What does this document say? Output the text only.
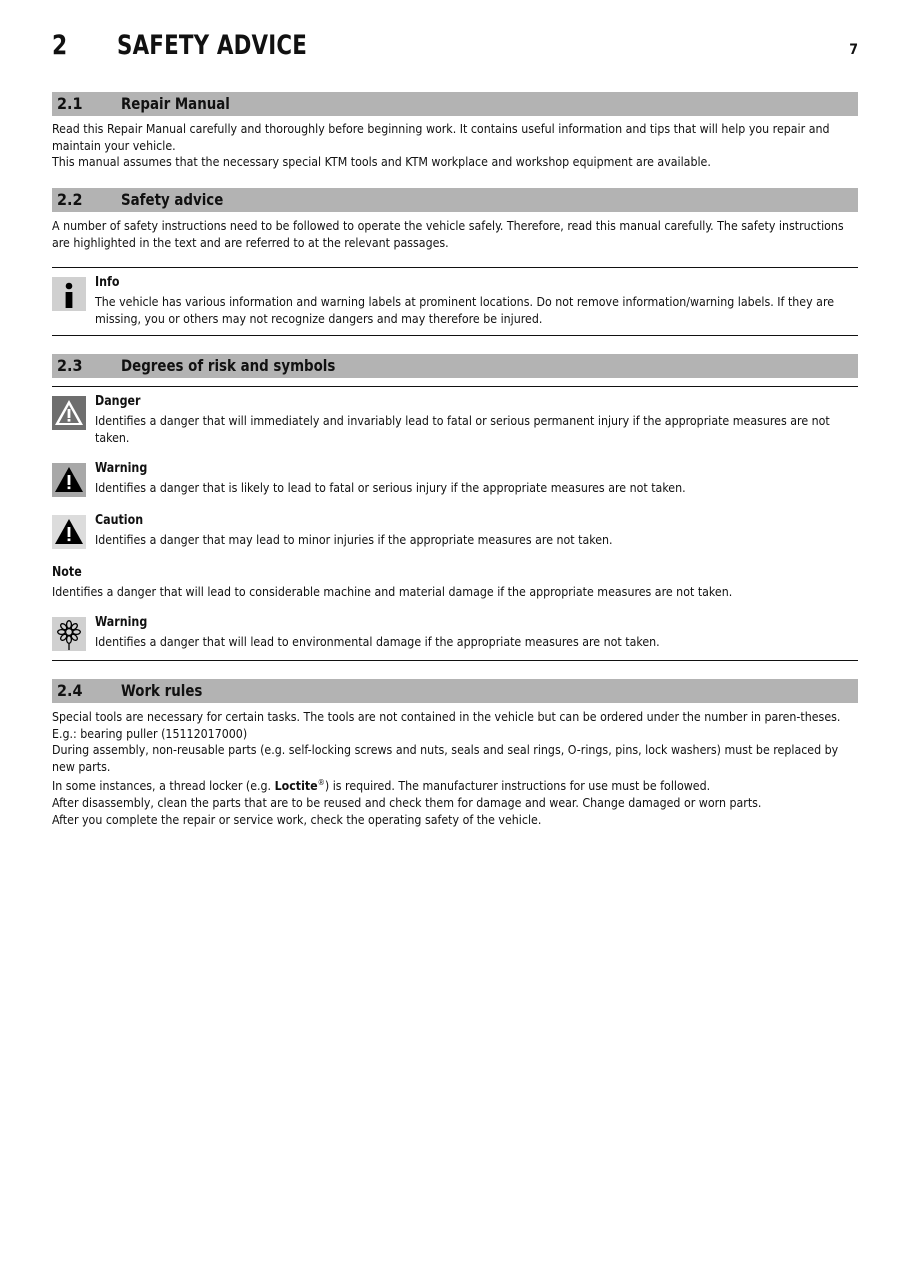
2 SAFETY ADVICE	7
2.1 Repair Manual

Read this Repair Manual carefully and thoroughly before beginning work. It contains useful information and tips that will help you repair and maintain your vehicle.

This manual assumes that the necessary special KTM tools and KTM workplace and workshop equipment are available.

2.2 Safety advice

A number of safety instructions need to be followed to operate the vehicle safely. Therefore, read this manual carefully. The safety instructions are highlighted in the text and are referred to at the relevant passages.

Info
The vehicle has various information and warning labels at prominent locations. Do not remove information/warning labels. If they are missing, you or others may not recognize dangers and may therefore be injured.
2.3 Degrees of risk and symbols
Danger
Identifies a danger that will immediately and invariably lead to fatal or serious permanent injury if the appropriate measures are not taken.
Warning
Identifies a danger that is likely to lead to fatal or serious injury if the appropriate measures are not taken.
Caution
Identifies a danger that may lead to minor injuries if the appropriate measures are not taken.
Note

Identifies a danger that will lead to considerable machine and material damage if the appropriate measures are not taken.

Warning
Identifies a danger that will lead to environmental damage if the appropriate measures are not taken.
2.4 Work rules

Special tools are necessary for certain tasks. The tools are not contained in the vehicle but can be ordered under the number in paren-theses. E.g.: bearing puller (15112017000)

During assembly, non-reusable parts (e.g. self-locking screws and nuts, seals and seal rings, O-rings, pins, lock washers) must be replaced by new parts.

In some instances, a thread locker (e.g. Loctite®) is required. The manufacturer instructions for use must be followed.

After disassembly, clean the parts that are to be reused and check them for damage and wear. Change damaged or worn parts.

After you complete the repair or service work, check the operating safety of the vehicle.
